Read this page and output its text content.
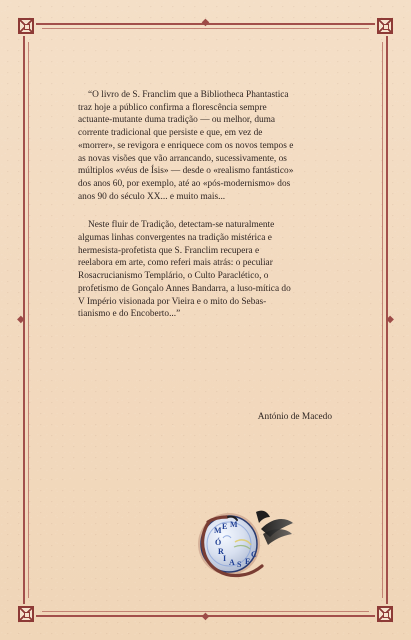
◆
◆
◆	◆

“O livro de S. Franclim que a Bibliotheca Phantastica
traz hoje a público confirma a florescência sempre
actuante-mutante duma tradição — ou melhor, duma
corrente tradicional que persiste e que, em vez de
«morrer», se revigora e enriquece com os novos tempos e
as novas visões que vão arrancando, sucessivamente, os
múltiplos «véus de Ísis» — desde o «realismo fantástico»
dos anos 60, por exemplo, até ao «pós-modernismo» dos
anos 90 do século XX... e muito mais...

Neste fluir de Tradição, detectam-se naturalmente
algumas linhas convergentes na tradição mistérica e
hermesista-profetista que S. Franclim recupera e
reelabora em arte, como referi mais atrás: o peculiar
Rosacrucianismo Templário, o Culto Paraclético, o
profetismo de Gonçalo Annes Bandarra, a luso-mítica do
V Império visionada por Vieira e o mito do Sebas-
tianismo e do Encoberto...”

António de Macedo
M E M
Ó
R
I A S F
C
